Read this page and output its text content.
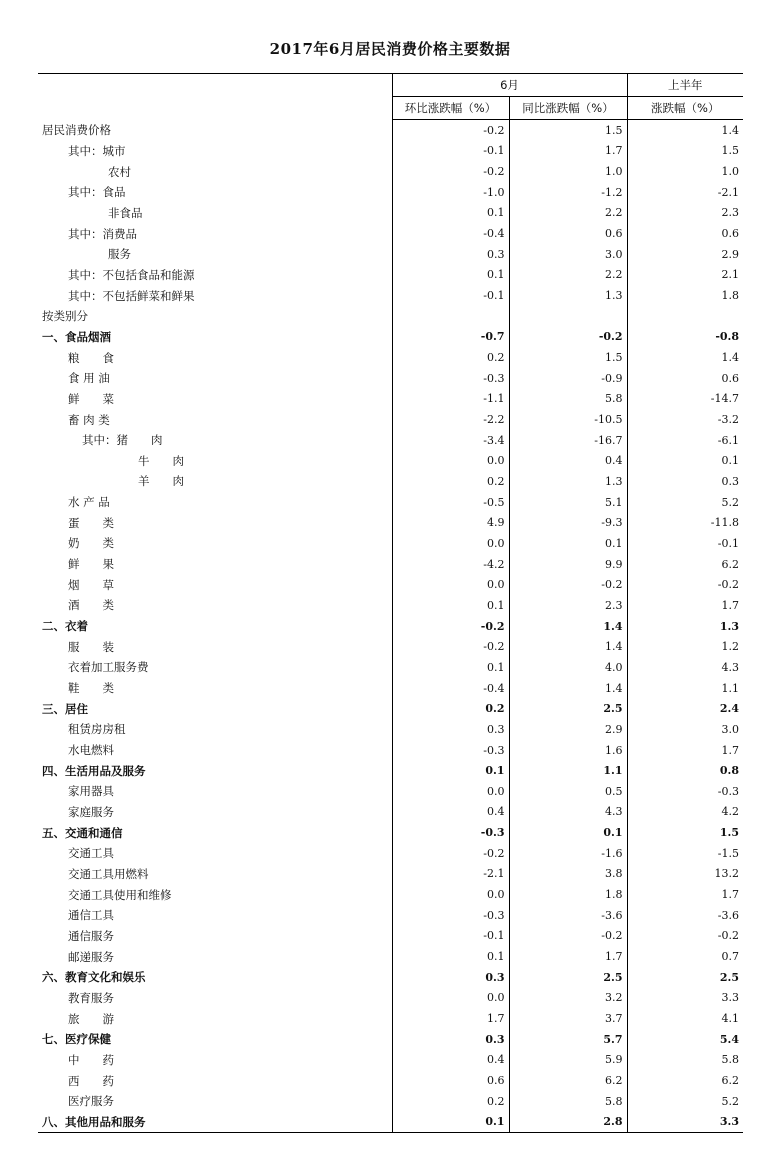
2017年6月居民消费价格主要数据
	6月		上半年
	环比涨跌幅（%）	同比涨跌幅（%）	涨跌幅（%）
居民消费价格	-0.2	1.5	1.4
其中：城市	-0.1	1.7	1.5
农村	-0.2	1.0	1.0
其中：食品	-1.0	-1.2	-2.1
非食品	0.1	2.2	2.3
其中：消费品	-0.4	0.6	0.6
服务	0.3	3.0	2.9
其中：不包括食品和能源	0.1	2.2	2.1
其中：不包括鲜菜和鲜果	-0.1	1.3	1.8
按类别分			
一、食品烟酒	-0.7	-0.2	-0.8
粮　　食	0.2	1.5	1.4
食 用 油	-0.3	-0.9	0.6
鲜　　菜	-1.1	5.8	-14.7
畜 肉 类	-2.2	-10.5	-3.2
其中：猪　　肉	-3.4	-16.7	-6.1
牛　　肉	0.0	0.4	0.1
羊　　肉	0.2	1.3	0.3
水 产 品	-0.5	5.1	5.2
蛋　　类	4.9	-9.3	-11.8
奶　　类	0.0	0.1	-0.1
鲜　　果	-4.2	9.9	6.2
烟　　草	0.0	-0.2	-0.2
酒　　类	0.1	2.3	1.7
二、衣着	-0.2	1.4	1.3
服　　装	-0.2	1.4	1.2
衣着加工服务费	0.1	4.0	4.3
鞋　　类	-0.4	1.4	1.1
三、居住	0.2	2.5	2.4
租赁房房租	0.3	2.9	3.0
水电燃料	-0.3	1.6	1.7
四、生活用品及服务	0.1	1.1	0.8
家用器具	0.0	0.5	-0.3
家庭服务	0.4	4.3	4.2
五、交通和通信	-0.3	0.1	1.5
交通工具	-0.2	-1.6	-1.5
交通工具用燃料	-2.1	3.8	13.2
交通工具使用和维修	0.0	1.8	1.7
通信工具	-0.3	-3.6	-3.6
通信服务	-0.1	-0.2	-0.2
邮递服务	0.1	1.7	0.7
六、教育文化和娱乐	0.3	2.5	2.5
教育服务	0.0	3.2	3.3
旅　　游	1.7	3.7	4.1
七、医疗保健	0.3	5.7	5.4
中　　药	0.4	5.9	5.8
西　　药	0.6	6.2	6.2
医疗服务	0.2	5.8	5.2
八、其他用品和服务	0.1	2.8	3.3
